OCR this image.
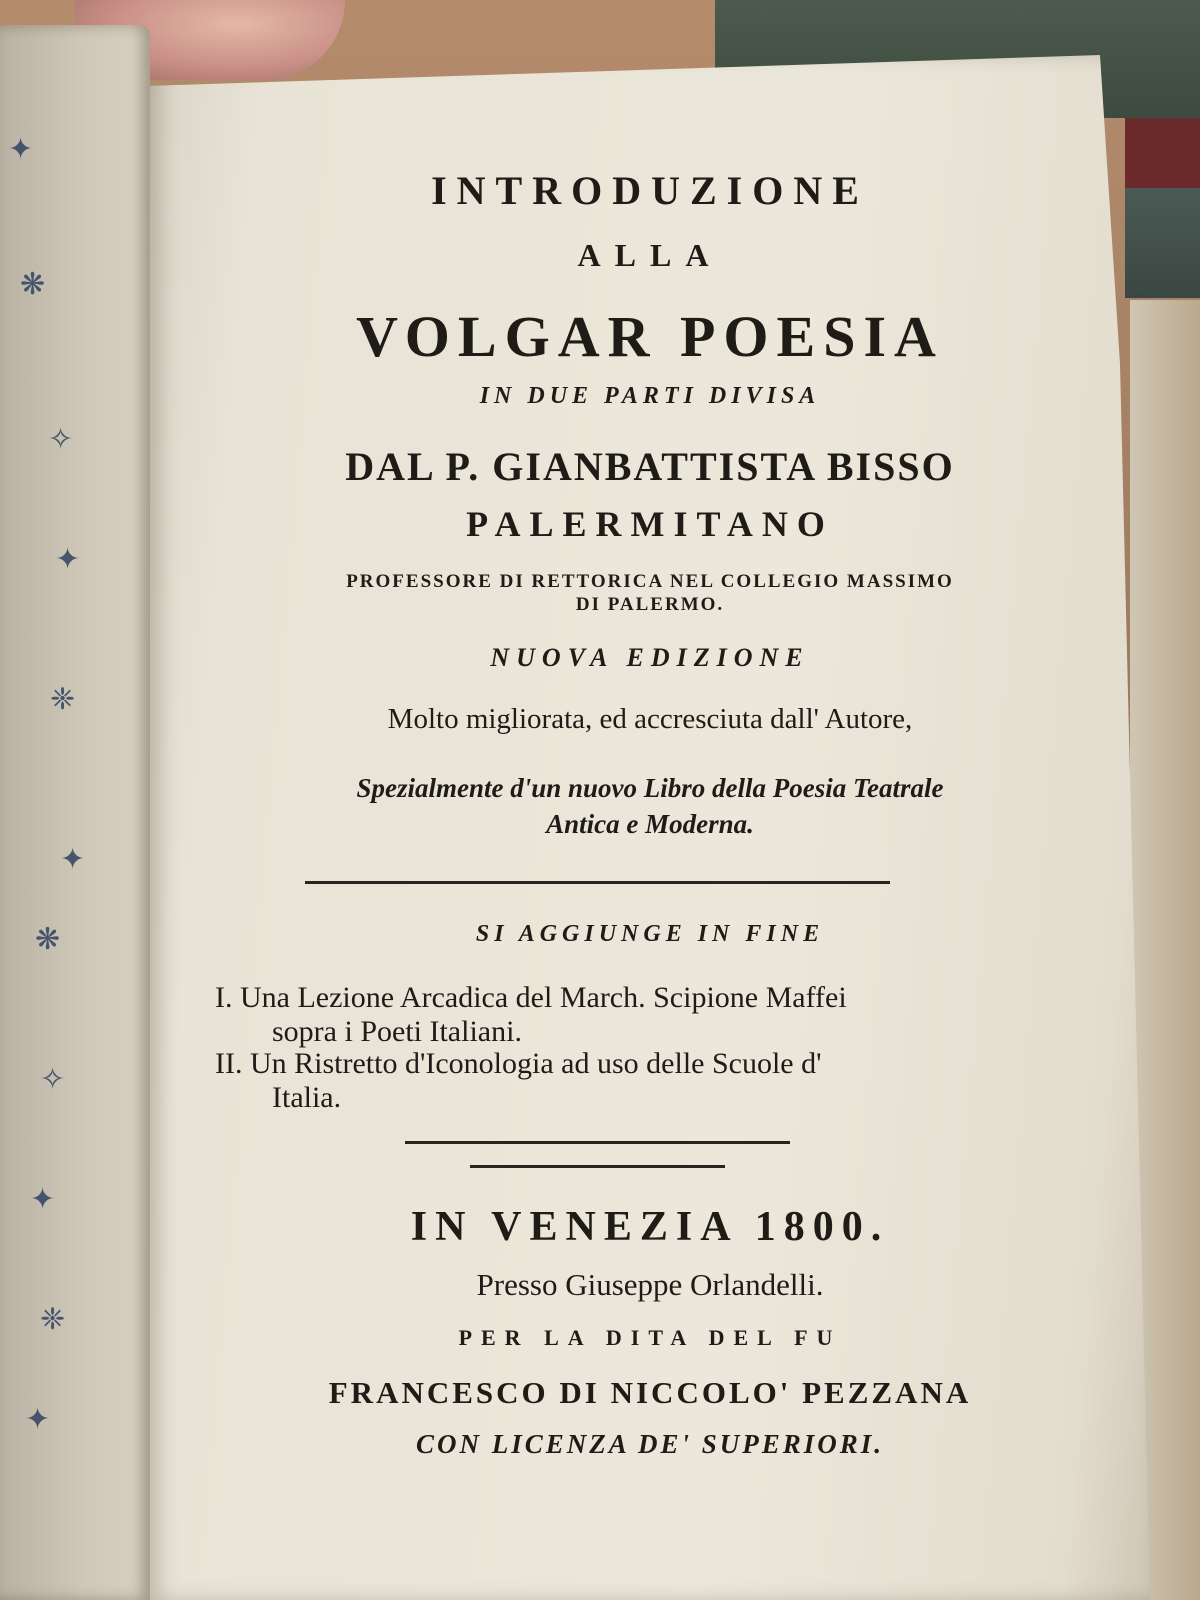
✦
❋
✧
✦
❈
✦
❋
✧
✦
❈
✦
INTRODUZIONE
ALLA
VOLGAR POESIA
IN DUE PARTI DIVISA
DAL P. GIANBATTISTA BISSO
PALERMITANO
PROFESSORE DI RETTORICA NEL COLLEGIO MASSIMO
DI PALERMO.
NUOVA EDIZIONE
Molto migliorata, ed accresciuta dall' Autore,
Spezialmente d'un nuovo Libro della Poesia Teatrale
Antica e Moderna.
SI AGGIUNGE IN FINE
I. Una Lezione Arcadica del March. Scipione Maffei
sopra i Poeti Italiani.
II. Un Ristretto d'Iconologia ad uso delle Scuole d'
Italia.
IN VENEZIA 1800.
Presso Giuseppe Orlandelli.
PER LA DITA DEL FU
FRANCESCO DI NICCOLO' PEZZANA
CON LICENZA DE' SUPERIORI.
